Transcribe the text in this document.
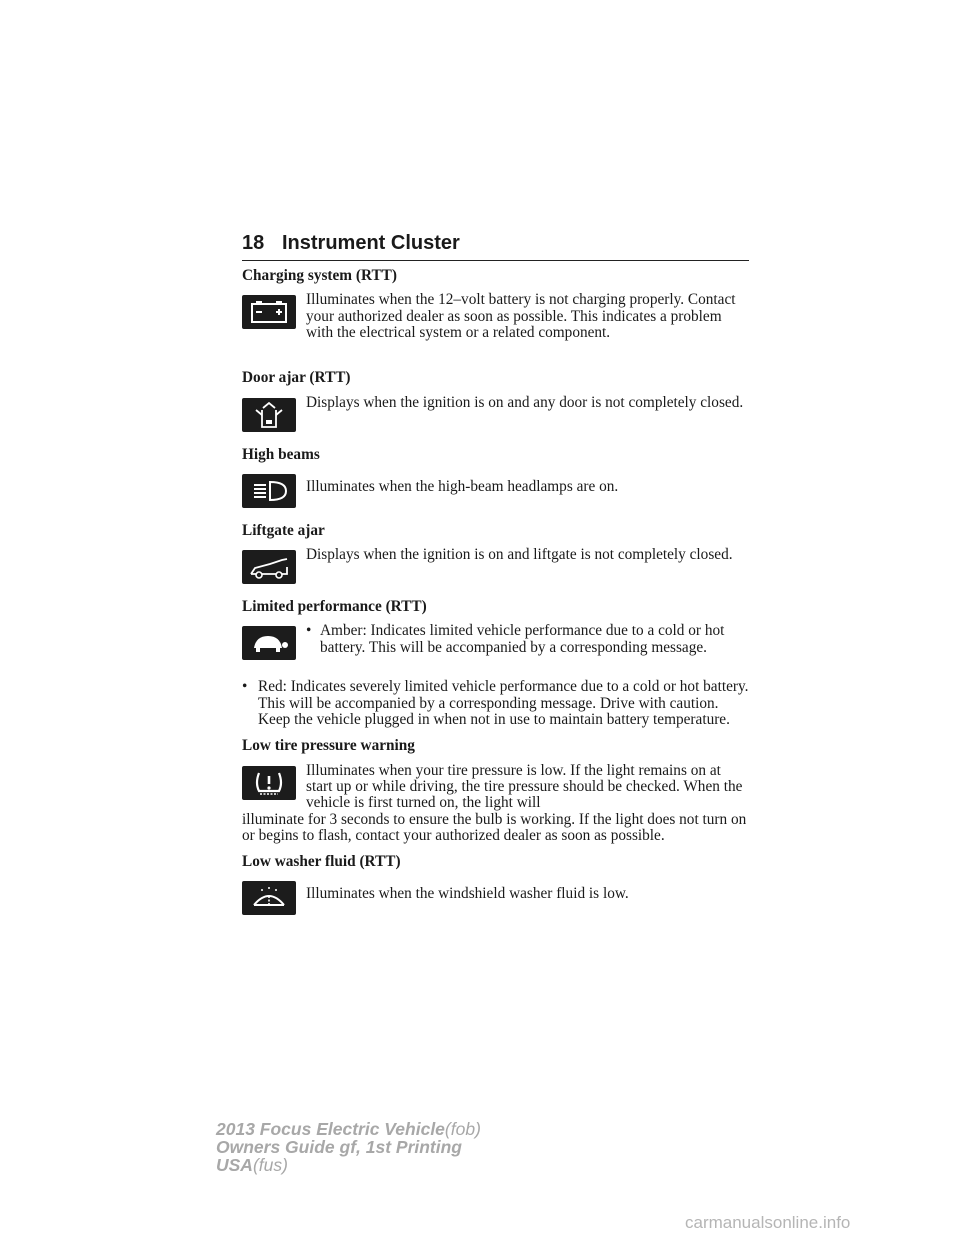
18 Instrument Cluster
Charging system (RTT)
Illuminates when the 12–volt battery is not charging properly. Contact your authorized dealer as soon as possible. This indicates a problem with the electrical system or a related component.
Door ajar (RTT)
Displays when the ignition is on and any door is not completely closed.
High beams
Illuminates when the high-beam headlamps are on.
Liftgate ajar
Displays when the ignition is on and liftgate is not completely closed.
Limited performance (RTT)
• Amber: Indicates limited vehicle performance due to a cold or hot battery. This will be accompanied by a corresponding message.
• Red: Indicates severely limited vehicle performance due to a cold or hot battery. This will be accompanied by a corresponding message. Drive with caution. Keep the vehicle plugged in when not in use to maintain battery temperature.
Low tire pressure warning
Illuminates when your tire pressure is low. If the light remains on at start up or while driving, the tire pressure should be checked. When the vehicle is first turned on, the light will
illuminate for 3 seconds to ensure the bulb is working. If the light does not turn on or begins to flash, contact your authorized dealer as soon as possible.
Low washer fluid (RTT)
Illuminates when the windshield washer fluid is low.
2013 Focus Electric Vehicle(fob)
Owners Guide gf, 1st Printing
USA(fus)
carmanualsonline.info
